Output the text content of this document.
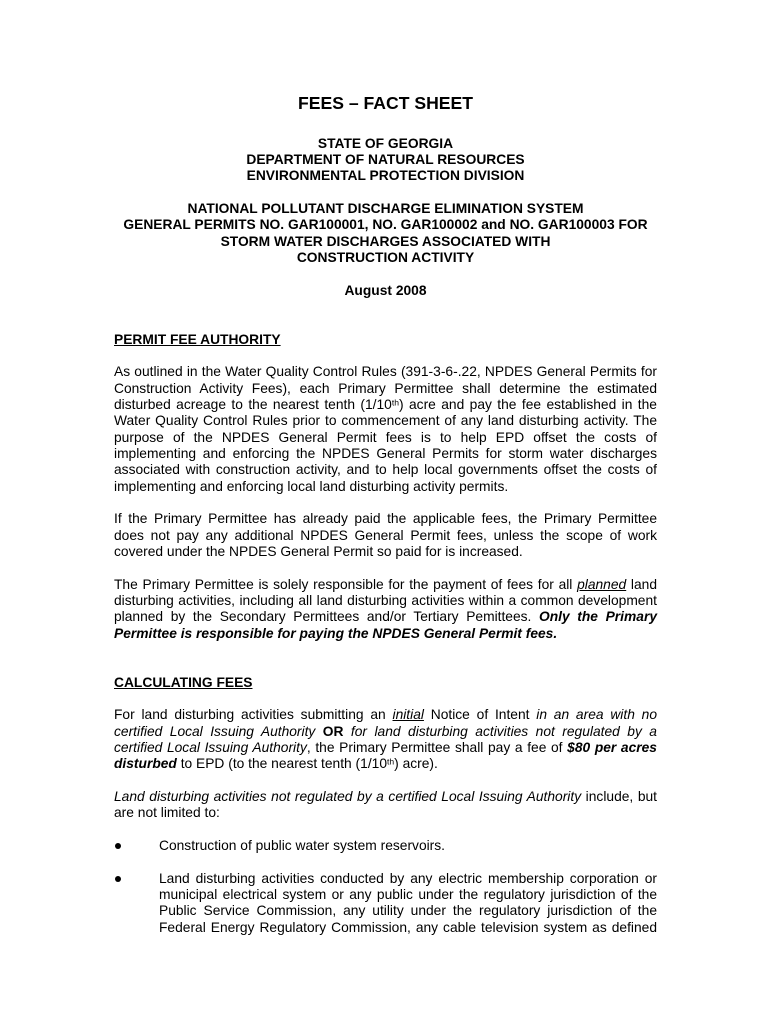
FEES – FACT SHEET
STATE OF GEORGIA
DEPARTMENT OF NATURAL RESOURCES
ENVIRONMENTAL PROTECTION DIVISION
NATIONAL POLLUTANT DISCHARGE ELIMINATION SYSTEM
GENERAL PERMITS NO. GAR100001, NO. GAR100002 and NO. GAR100003 FOR
STORM WATER DISCHARGES ASSOCIATED WITH
CONSTRUCTION ACTIVITY
August 2008
PERMIT FEE AUTHORITY
As outlined in the Water Quality Control Rules (391-3-6-.22, NPDES General Permits for
Construction Activity Fees), each Primary Permittee shall determine the estimated
disturbed acreage to the nearest tenth (1/10th) acre and pay the fee established in the
Water Quality Control Rules prior to commencement of any land disturbing activity. The
purpose of the NPDES General Permit fees is to help EPD offset the costs of
implementing and enforcing the NPDES General Permits for storm water discharges
associated with construction activity, and to help local governments offset the costs of
implementing and enforcing local land disturbing activity permits.
If the Primary Permittee has already paid the applicable fees, the Primary Permittee
does not pay any additional NPDES General Permit fees, unless the scope of work
covered under the NPDES General Permit so paid for is increased.
The Primary Permittee is solely responsible for the payment of fees for all planned land
disturbing activities, including all land disturbing activities within a common development
planned by the Secondary Permittees and/or Tertiary Pemittees. Only the Primary
Permittee is responsible for paying the NPDES General Permit fees.
CALCULATING FEES
For land disturbing activities submitting an initial Notice of Intent in an area with no
certified Local Issuing Authority OR for land disturbing activities not regulated by a
certified Local Issuing Authority, the Primary Permittee shall pay a fee of $80 per acres
disturbed to EPD (to the nearest tenth (1/10th) acre).
Land disturbing activities not regulated by a certified Local Issuing Authority include, but
are not limited to:
Construction of public water system reservoirs.
Land disturbing activities conducted by any electric membership corporation or
municipal electrical system or any public under the regulatory jurisdiction of the
Public Service Commission, any utility under the regulatory jurisdiction of the
Federal Energy Regulatory Commission, any cable television system as defined
